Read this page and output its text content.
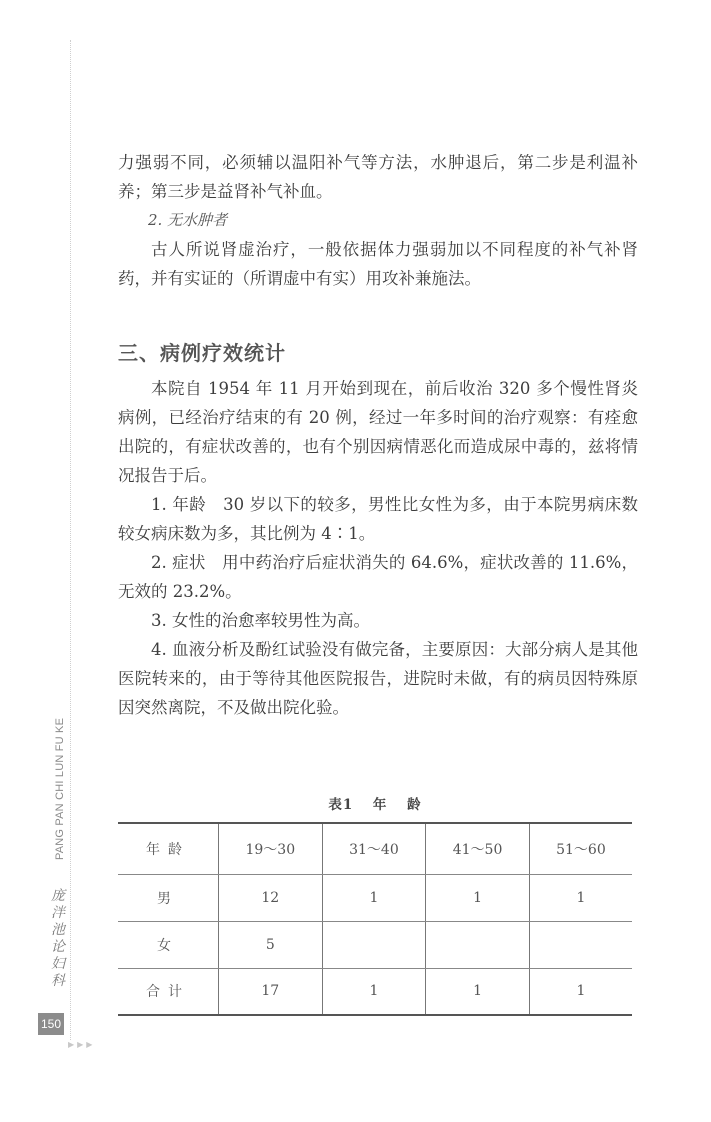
PANG PAN CHI LUN FU KE
庞泮池论妇科
150
▶▶▶

力强弱不同，必须辅以温阳补气等方法，水肿退后，第二步是利温补养；第三步是益肾补气补血。

2. 无水肿者

古人所说肾虚治疗，一般依据体力强弱加以不同程度的补气补肾药，并有实证的（所谓虚中有实）用攻补兼施法。

三、病例疗效统计

本院自 1954 年 11 月开始到现在，前后收治 320 多个慢性肾炎病例，已经治疗结束的有 20 例，经过一年多时间的治疗观察：有痊愈出院的，有症状改善的，也有个别因病情恶化而造成尿中毒的，兹将情况报告于后。

1. 年龄　30 岁以下的较多，男性比女性为多，由于本院男病床数较女病床数为多，其比例为 4∶1。

2. 症状　用中药治疗后症状消失的 64.6%，症状改善的 11.6%，无效的 23.2%。

3. 女性的治愈率较男性为高。

4. 血液分析及酚红试验没有做完备，主要原因：大部分病人是其他医院转来的，由于等待其他医院报告，进院时未做，有的病员因特殊原因突然离院，不及做出院化验。

表1 年 龄
年龄	19～30	31～40	41～50	51～60
男	12	1	1	1
女	5			
合计	17	1	1	1
